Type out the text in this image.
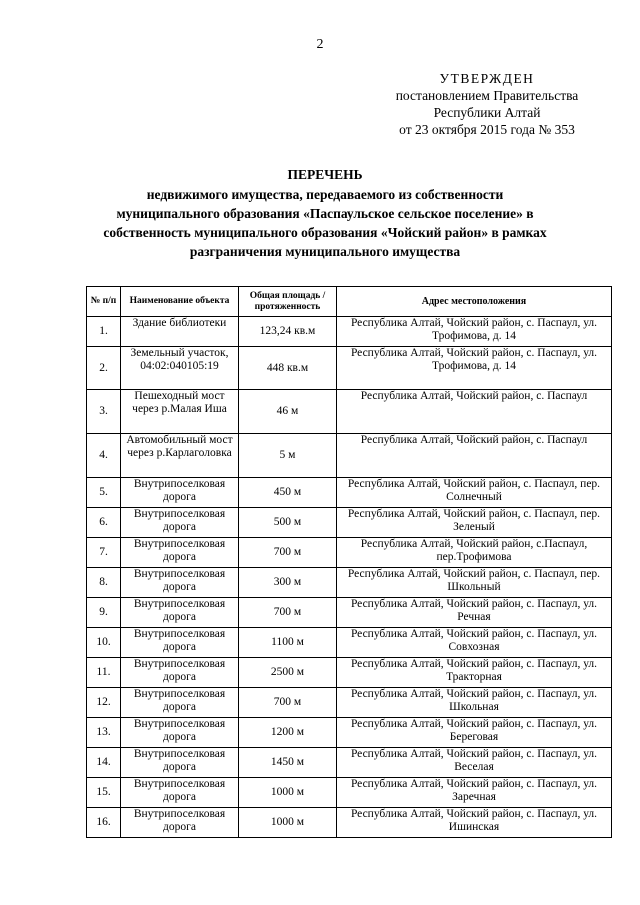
2
УТВЕРЖДЕН
постановлением Правительства
Республики Алтай
от 23 октября 2015 года № 353
ПЕРЕЧЕНЬ
недвижимого имущества, передаваемого из собственности
муниципального образования «Паспаульское сельское поселение» в
собственность муниципального образования «Чойский район» в рамках
разграничения муниципального имущества
№ п/п	Наименование объекта	Общая площадь / протяженность	Адрес местоположения
1.	Здание библиотеки	123,24 кв.м	Республика Алтай, Чойский район, с. Паспаул, ул. Трофимова, д. 14
2.	Земельный участок, 04:02:040105:19	448 кв.м	Республика Алтай, Чойский район, с. Паспаул, ул. Трофимова, д. 14
3.	Пешеходный мост через р.Малая Иша	46 м	Республика Алтай, Чойский район, с. Паспаул
4.	Автомобильный мост через р.Карлаголовка	5 м	Республика Алтай, Чойский район, с. Паспаул
5.	Внутрипоселковая дорога	450 м	Республика Алтай, Чойский район, с. Паспаул, пер. Солнечный
6.	Внутрипоселковая дорога	500 м	Республика Алтай, Чойский район, с. Паспаул, пер. Зеленый
7.	Внутрипоселковая дорога	700 м	Республика Алтай, Чойский район, с.Паспаул, пер.Трофимова
8.	Внутрипоселковая дорога	300 м	Республика Алтай, Чойский район, с. Паспаул, пер. Школьный
9.	Внутрипоселковая дорога	700 м	Республика Алтай, Чойский район, с. Паспаул, ул. Речная
10.	Внутрипоселковая дорога	1100 м	Республика Алтай, Чойский район, с. Паспаул, ул. Совхозная
11.	Внутрипоселковая дорога	2500 м	Республика Алтай, Чойский район, с. Паспаул, ул. Тракторная
12.	Внутрипоселковая дорога	700 м	Республика Алтай, Чойский район, с. Паспаул, ул. Школьная
13.	Внутрипоселковая дорога	1200 м	Республика Алтай, Чойский район, с. Паспаул, ул. Береговая
14.	Внутрипоселковая дорога	1450 м	Республика Алтай, Чойский район, с. Паспаул, ул. Веселая
15.	Внутрипоселковая дорога	1000 м	Республика Алтай, Чойский район, с. Паспаул, ул. Заречная
16.	Внутрипоселковая дорога	1000 м	Республика Алтай, Чойский район, с. Паспаул, ул. Ишинская
